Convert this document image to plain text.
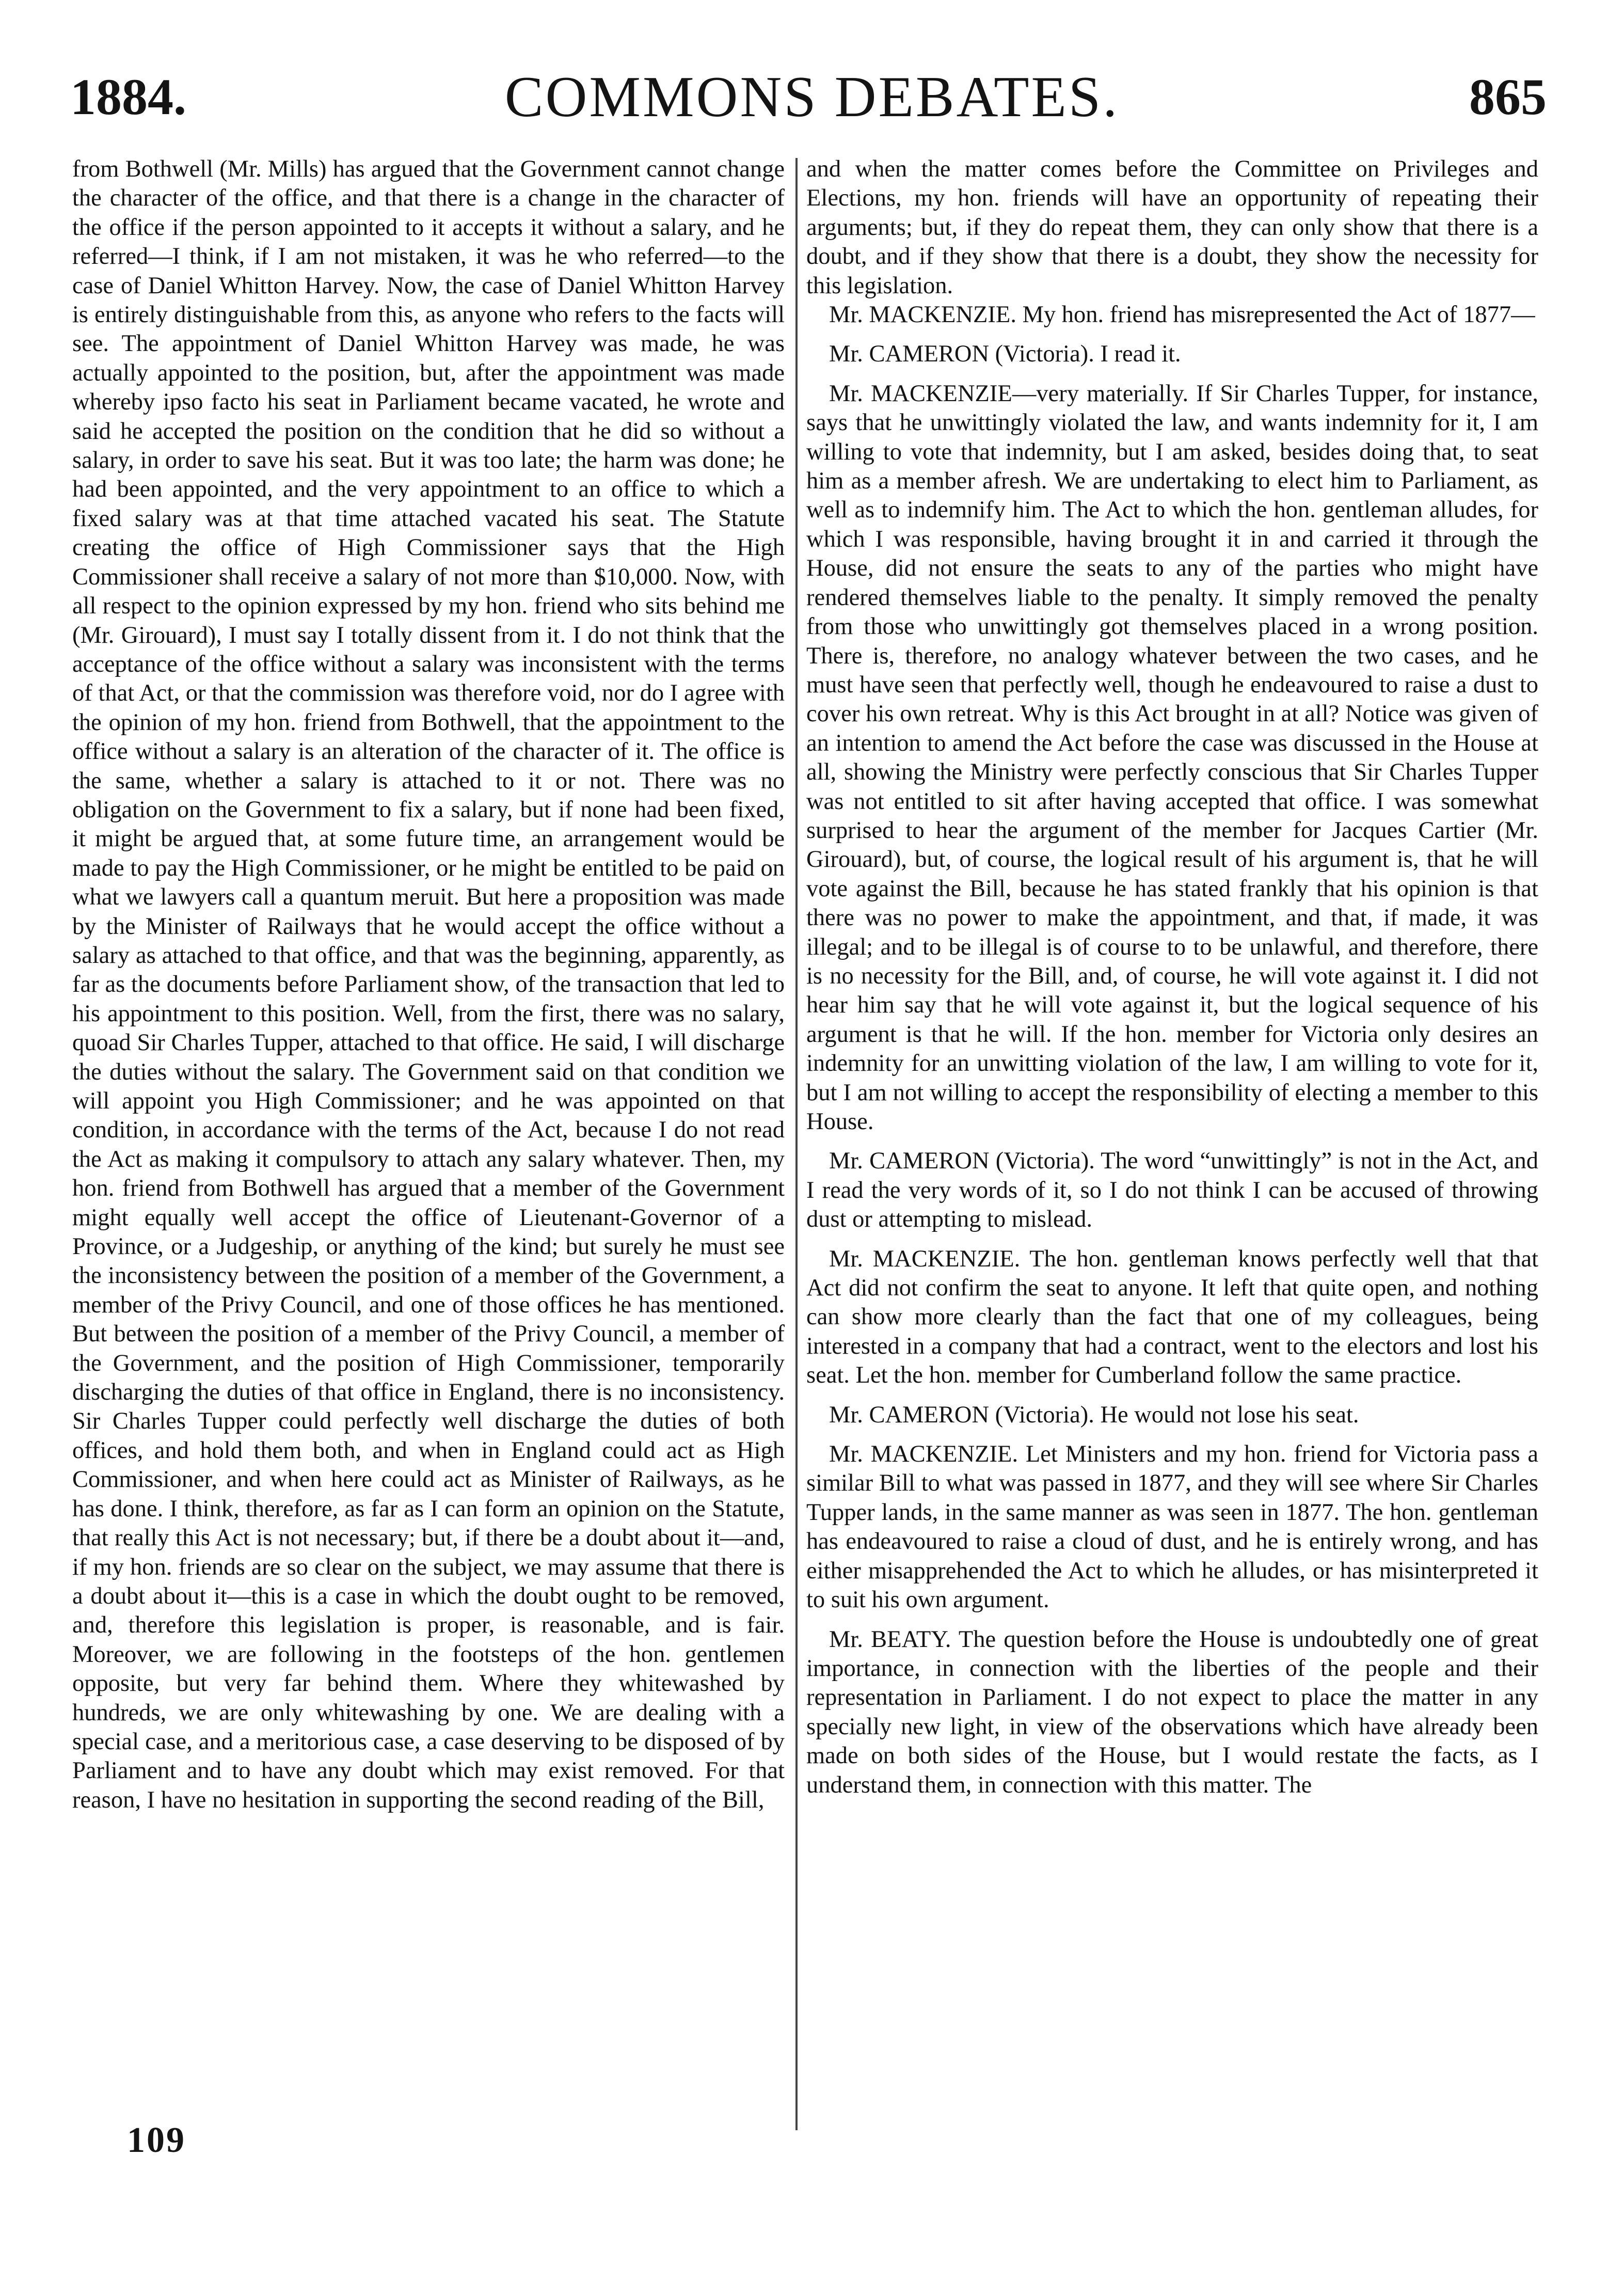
1884.	COMMONS DEBATES.	865

from Bothwell (Mr. Mills) has argued that the Government cannot change the character of the office, and that there is a change in the character of the office if the person appointed to it accepts it without a salary, and he referred—I think, if I am not mistaken, it was he who referred—to the case of Daniel Whitton Harvey. Now, the case of Daniel Whitton Harvey is entirely distinguishable from this, as anyone who refers to the facts will see. The appointment of Daniel Whitton Harvey was made, he was actually appointed to the position, but, after the appointment was made whereby ipso facto his seat in Parliament became vacated, he wrote and said he accepted the position on the condition that he did so without a salary, in order to save his seat. But it was too late; the harm was done; he had been appointed, and the very appointment to an office to which a fixed salary was at that time attached vacated his seat. The Statute creating the office of High Commissioner says that the High Commissioner shall receive a salary of not more than $10,000. Now, with all respect to the opinion expressed by my hon. friend who sits behind me (Mr. Girouard), I must say I totally dissent from it. I do not think that the acceptance of the office without a salary was inconsistent with the terms of that Act, or that the commission was therefore void, nor do I agree with the opinion of my hon. friend from Bothwell, that the appointment to the office without a salary is an alteration of the character of it. The office is the same, whether a salary is attached to it or not. There was no obligation on the Government to fix a salary, but if none had been fixed, it might be argued that, at some future time, an arrangement would be made to pay the High Commissioner, or he might be entitled to be paid on what we lawyers call a quantum meruit. But here a proposition was made by the Minister of Railways that he would accept the office without a salary as attached to that office, and that was the beginning, apparently, as far as the documents before Parliament show, of the transaction that led to his appointment to this position. Well, from the first, there was no salary, quoad Sir Charles Tupper, attached to that office. He said, I will discharge the duties without the salary. The Government said on that condition we will appoint you High Commissioner; and he was appointed on that condition, in accordance with the terms of the Act, because I do not read the Act as making it compulsory to attach any salary whatever. Then, my hon. friend from Bothwell has argued that a member of the Government might equally well accept the office of Lieutenant-Governor of a Province, or a Judgeship, or anything of the kind; but surely he must see the inconsistency between the position of a member of the Government, a member of the Privy Council, and one of those offices he has mentioned. But between the position of a member of the Privy Council, a member of the Government, and the position of High Commissioner, temporarily discharging the duties of that office in England, there is no inconsistency. Sir Charles Tupper could perfectly well discharge the duties of both offices, and hold them both, and when in England could act as High Commissioner, and when here could act as Minister of Railways, as he has done. I think, therefore, as far as I can form an opinion on the Statute, that really this Act is not necessary; but, if there be a doubt about it—and, if my hon. friends are so clear on the subject, we may assume that there is a doubt about it—this is a case in which the doubt ought to be removed, and, therefore this legislation is proper, is reasonable, and is fair. Moreover, we are following in the footsteps of the hon. gentlemen opposite, but very far behind them. Where they whitewashed by hundreds, we are only whitewashing by one. We are dealing with a special case, and a meritorious case, a case deserving to be disposed of by Parliament and to have any doubt which may exist removed. For that reason, I have no hesitation in supporting the second reading of the Bill,

and when the matter comes before the Committee on Privileges and Elections, my hon. friends will have an opportunity of repeating their arguments; but, if they do repeat them, they can only show that there is a doubt, and if they show that there is a doubt, they show the necessity for this legislation.

Mr. MACKENZIE. My hon. friend has misrepresented the Act of 1877—

Mr. CAMERON (Victoria). I read it.

Mr. MACKENZIE—very materially. If Sir Charles Tupper, for instance, says that he unwittingly violated the law, and wants indemnity for it, I am willing to vote that indemnity, but I am asked, besides doing that, to seat him as a member afresh. We are undertaking to elect him to Parliament, as well as to indemnify him. The Act to which the hon. gentleman alludes, for which I was responsible, having brought it in and carried it through the House, did not ensure the seats to any of the parties who might have rendered themselves liable to the penalty. It simply removed the penalty from those who unwittingly got themselves placed in a wrong position. There is, therefore, no analogy whatever between the two cases, and he must have seen that perfectly well, though he endeavoured to raise a dust to cover his own retreat. Why is this Act brought in at all? Notice was given of an intention to amend the Act before the case was discussed in the House at all, showing the Ministry were perfectly conscious that Sir Charles Tupper was not entitled to sit after having accepted that office. I was somewhat surprised to hear the argument of the member for Jacques Cartier (Mr. Girouard), but, of course, the logical result of his argument is, that he will vote against the Bill, because he has stated frankly that his opinion is that there was no power to make the appointment, and that, if made, it was illegal; and to be illegal is of course to to be unlawful, and therefore, there is no necessity for the Bill, and, of course, he will vote against it. I did not hear him say that he will vote against it, but the logical sequence of his argument is that he will. If the hon. member for Victoria only desires an indemnity for an unwitting violation of the law, I am willing to vote for it, but I am not willing to accept the responsibility of electing a member to this House.

Mr. CAMERON (Victoria). The word “unwittingly” is not in the Act, and I read the very words of it, so I do not think I can be accused of throwing dust or attempting to mislead.

Mr. MACKENZIE. The hon. gentleman knows perfectly well that that Act did not confirm the seat to anyone. It left that quite open, and nothing can show more clearly than the fact that one of my colleagues, being interested in a company that had a contract, went to the electors and lost his seat. Let the hon. member for Cumberland follow the same practice.

Mr. CAMERON (Victoria). He would not lose his seat.

Mr. MACKENZIE. Let Ministers and my hon. friend for Victoria pass a similar Bill to what was passed in 1877, and they will see where Sir Charles Tupper lands, in the same manner as was seen in 1877. The hon. gentleman has endeavoured to raise a cloud of dust, and he is entirely wrong, and has either misapprehended the Act to which he alludes, or has misinterpreted it to suit his own argument.

Mr. BEATY. The question before the House is undoubtedly one of great importance, in connection with the liberties of the people and their representation in Parliament. I do not expect to place the matter in any specially new light, in view of the observations which have already been made on both sides of the House, but I would restate the facts, as I understand them, in connection with this matter. The

109
